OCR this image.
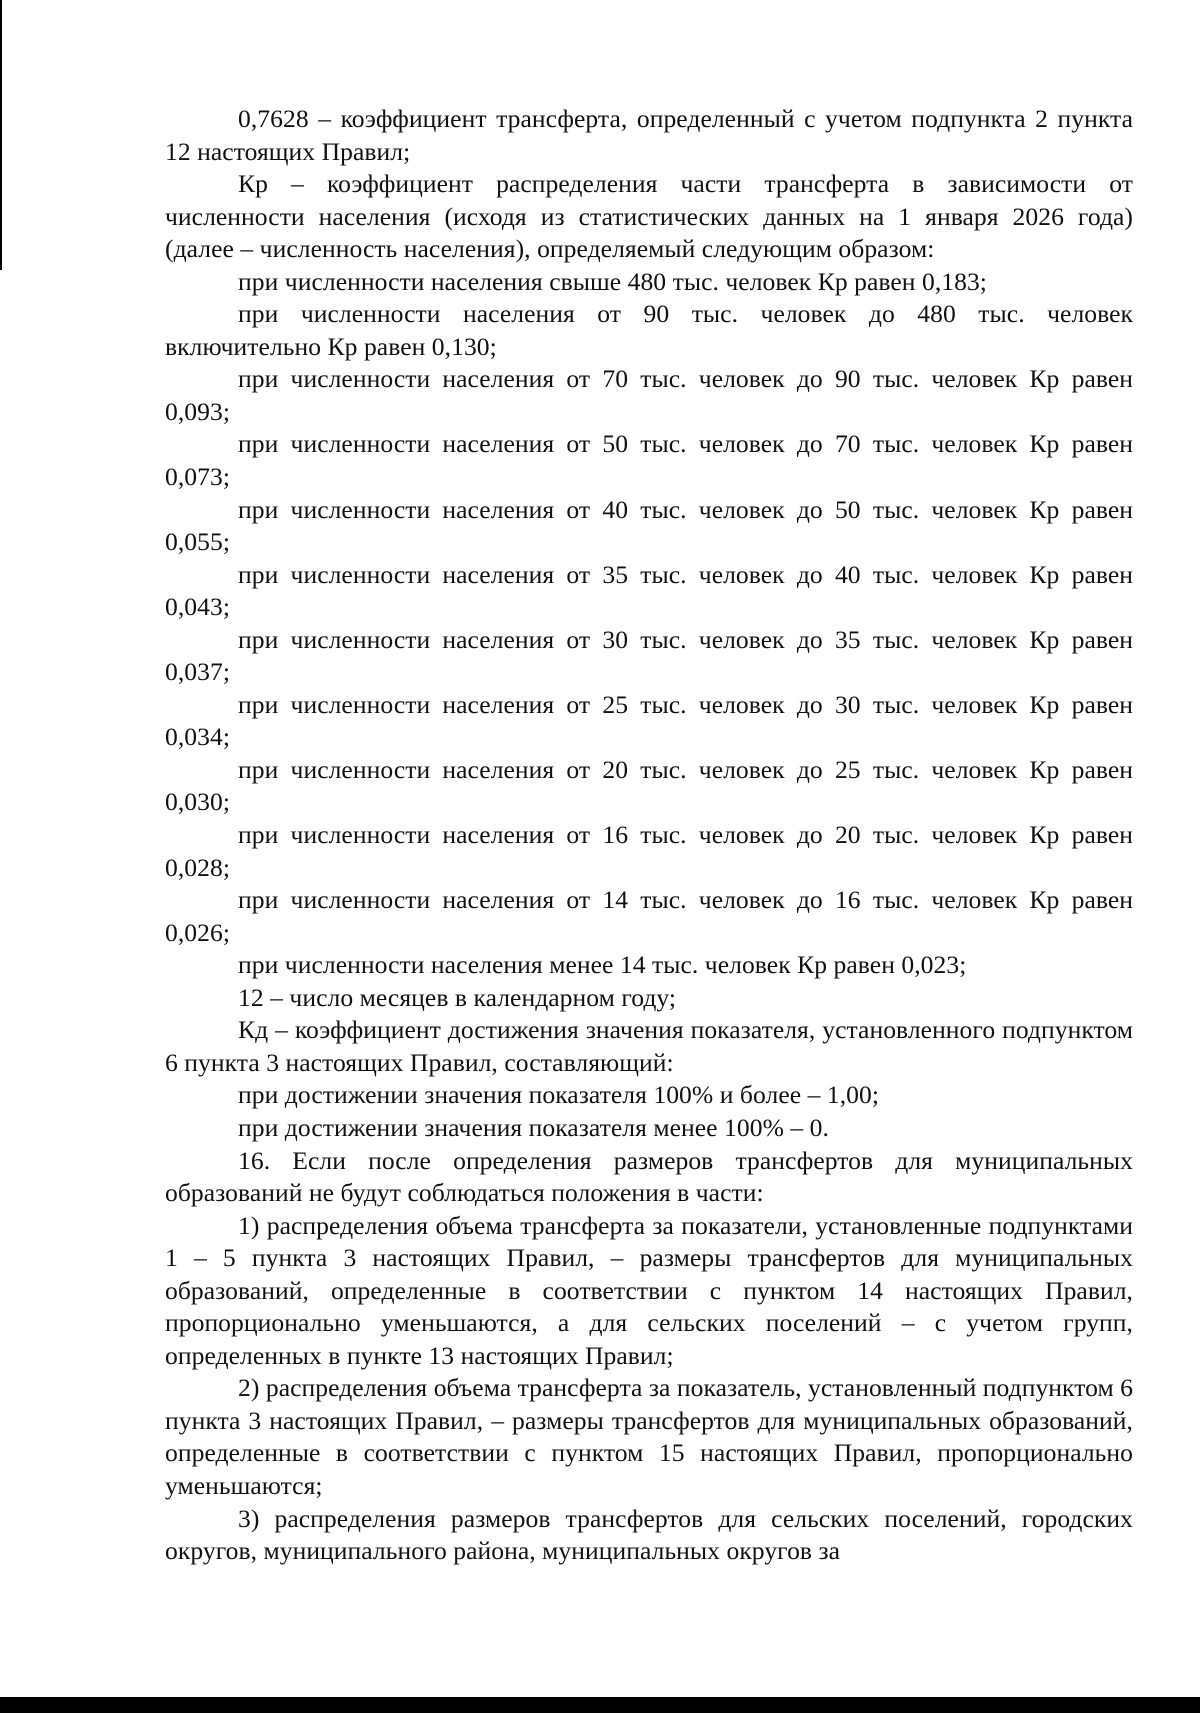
0,7628 – коэффициент трансферта, определенный с учетом подпункта 2 пункта 12 настоящих Правил;

Кр – коэффициент распределения части трансферта в зависимости от численности населения (исходя из статистических данных на 1 января 2026 года) (далее – численность населения), определяемый следующим образом:

при численности населения свыше 480 тыс. человек Кр равен 0,183;

при численности населения от 90 тыс. человек до 480 тыс. человек включительно Кр равен 0,130;

при численности населения от 70 тыс. человек до 90 тыс. человек Кр равен 0,093;

при численности населения от 50 тыс. человек до 70 тыс. человек Кр равен 0,073;

при численности населения от 40 тыс. человек до 50 тыс. человек Кр равен 0,055;

при численности населения от 35 тыс. человек до 40 тыс. человек Кр равен 0,043;

при численности населения от 30 тыс. человек до 35 тыс. человек Кр равен 0,037;

при численности населения от 25 тыс. человек до 30 тыс. человек Кр равен 0,034;

при численности населения от 20 тыс. человек до 25 тыс. человек Кр равен 0,030;

при численности населения от 16 тыс. человек до 20 тыс. человек Кр равен 0,028;

при численности населения от 14 тыс. человек до 16 тыс. человек Кр равен 0,026;

при численности населения менее 14 тыс. человек Кр равен 0,023;

12 – число месяцев в календарном году;

Кд – коэффициент достижения значения показателя, установленного подпунктом 6 пункта 3 настоящих Правил, составляющий:

при достижении значения показателя 100% и более – 1,00;

при достижении значения показателя менее 100% – 0.

16. Если после определения размеров трансфертов для муниципальных образований не будут соблюдаться положения в части:

1) распределения объема трансферта за показатели, установленные подпунктами 1 – 5 пункта 3 настоящих Правил, – размеры трансфертов для муниципальных образований, определенные в соответствии с пунктом 14 настоящих Правил, пропорционально уменьшаются, а для сельских поселений – с учетом групп, определенных в пункте 13 настоящих Правил;

2) распределения объема трансферта за показатель, установленный подпунктом 6 пункта 3 настоящих Правил, – размеры трансфертов для муниципальных образований, определенные в соответствии с пунктом 15 настоящих Правил, пропорционально уменьшаются;

3) распределения размеров трансфертов для сельских поселений, городских округов, муниципального района, муниципальных округов за
